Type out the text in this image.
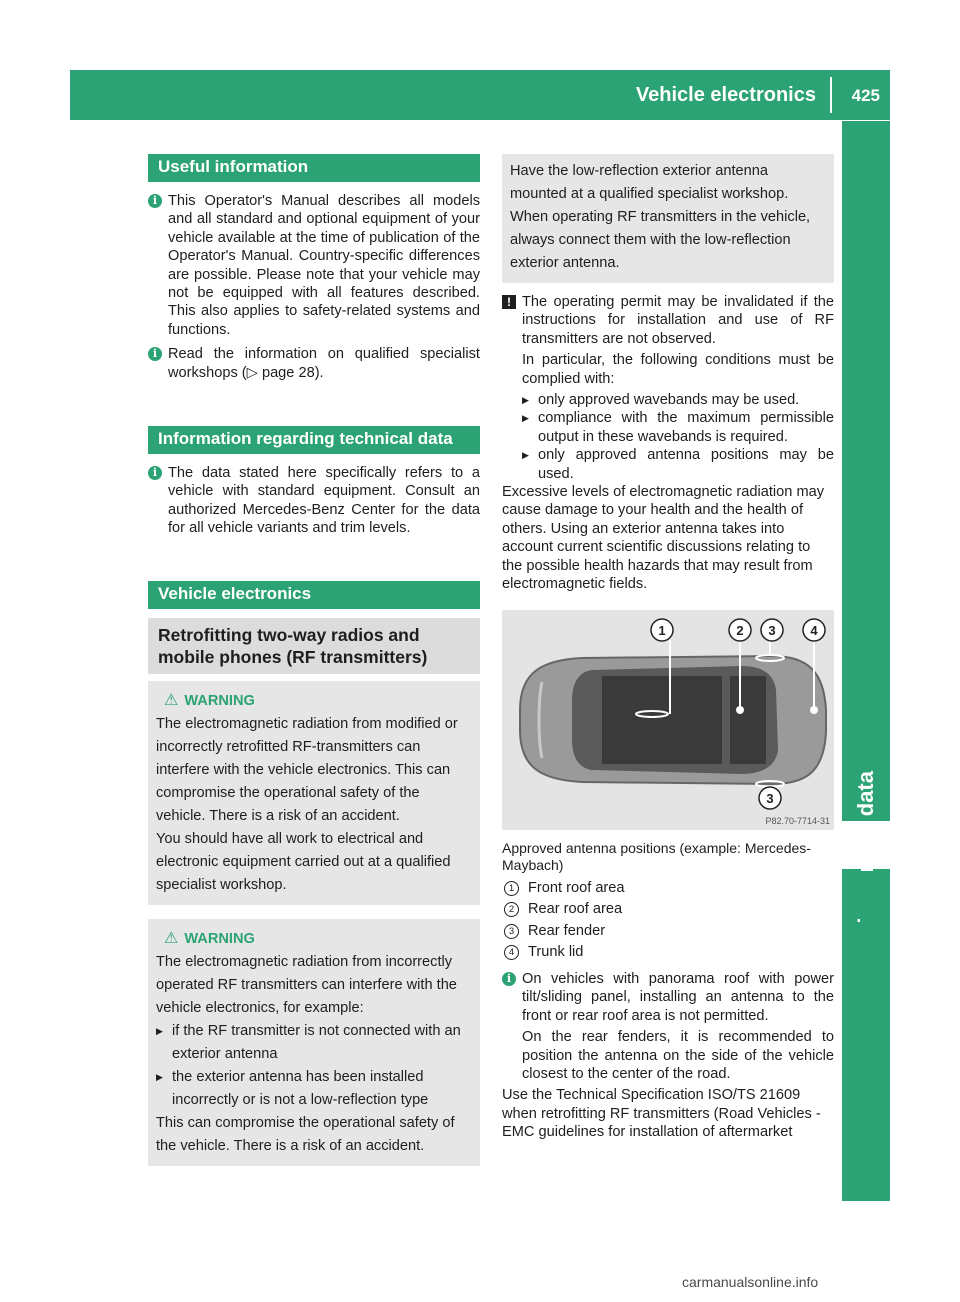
Vehicle electronics 425
Useful information
i This Operator's Manual describes all models and all standard and optional equipment of your vehicle available at the time of publication of the Operator's Manual. Country-specific differences are possible. Please note that your vehicle may not be equipped with all features described. This also applies to safety-related systems and functions.
i Read the information on qualified specialist workshops (▷ page 28).
Information regarding technical data
i The data stated here specifically refers to a vehicle with standard equipment. Consult an authorized Mercedes-Benz Center for the data for all vehicle variants and trim levels.
Vehicle electronics
Retrofitting two-way radios and
mobile phones (RF transmitters)
⚠ WARNING
The electromagnetic radiation from modified or incorrectly retrofitted RF-transmitters can interfere with the vehicle electronics. This can compromise the operational safety of the vehicle. There is a risk of an accident.
You should have all work to electrical and electronic equipment carried out at a qualified specialist workshop.
⚠ WARNING
The electromagnetic radiation from incorrectly operated RF transmitters can interfere with the vehicle electronics, for example:
▶ if the RF transmitter is not connected with an exterior antenna
▶ the exterior antenna has been installed incorrectly or is not a low-reflection type
This can compromise the operational safety of the vehicle. There is a risk of an accident.
Have the low-reflection exterior antenna mounted at a qualified specialist workshop. When operating RF transmitters in the vehicle, always connect them with the low-reflection exterior antenna.
! The operating permit may be invalidated if the instructions for installation and use of RF transmitters are not observed.
In particular, the following conditions must be complied with:
▶ only approved wavebands may be used.
▶ compliance with the maximum permissible output in these wavebands is required.
▶ only approved antenna positions may be used.
Excessive levels of electromagnetic radiation may cause damage to your health and the health of others. Using an exterior antenna takes into account current scientific discussions relating to the possible health hazards that may result from electromagnetic fields.
1	2 3	4
3
P82.70-7714-31
Approved antenna positions (example: Mercedes-Maybach)
1 Front roof area
2 Rear roof area
3 Rear fender
4 Trunk lid
i On vehicles with panorama roof with power tilt/sliding panel, installing an antenna to the front or rear roof area is not permitted.
On the rear fenders, it is recommended to position the antenna on the side of the vehicle closest to the center of the road.
Use the Technical Specification ISO/TS 21609 when retrofitting RF transmitters (Road Vehicles - EMC guidelines for installation of aftermarket
carmanualsonline.info
